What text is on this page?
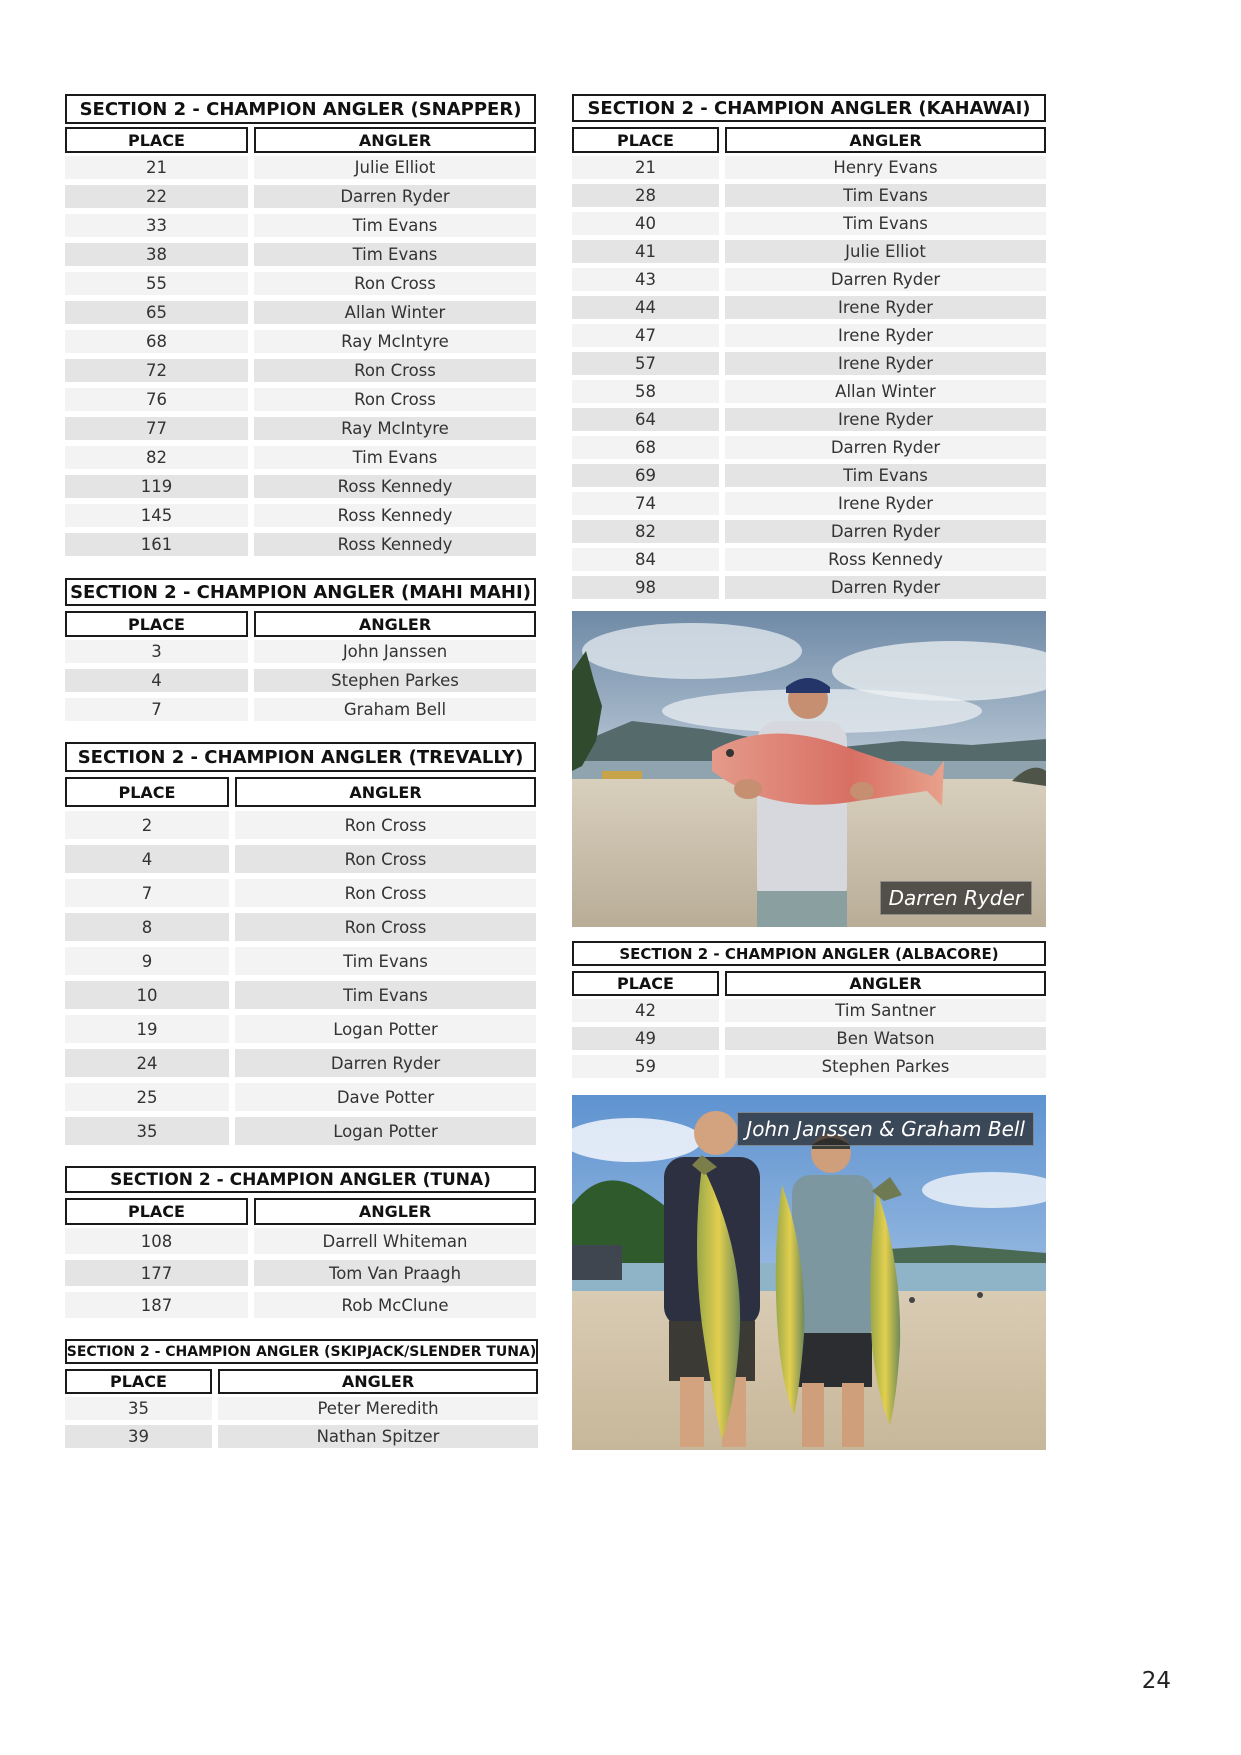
SECTION 2 - CHAMPION ANGLER (SNAPPER)
PLACE	ANGLER
21	Julie Elliot
22	Darren Ryder
33	Tim Evans
38	Tim Evans
55	Ron Cross
65	Allan Winter
68	Ray McIntyre
72	Ron Cross
76	Ron Cross
77	Ray McIntyre
82	Tim Evans
119	Ross Kennedy
145	Ross Kennedy
161	Ross Kennedy
SECTION 2 - CHAMPION ANGLER (MAHI MAHI)
PLACE	ANGLER
3	John Janssen
4	Stephen Parkes
7	Graham Bell
SECTION 2 - CHAMPION ANGLER (TREVALLY)
PLACE	ANGLER
2	Ron Cross
4	Ron Cross
7	Ron Cross
8	Ron Cross
9	Tim Evans
10	Tim Evans
19	Logan Potter
24	Darren Ryder
25	Dave Potter
35	Logan Potter
SECTION 2 - CHAMPION ANGLER (TUNA)
PLACE	ANGLER
108	Darrell Whiteman
177	Tom Van Praagh
187	Rob McClune
SECTION 2 - CHAMPION ANGLER (SKIPJACK/SLENDER TUNA)
PLACE	ANGLER
35	Peter Meredith
39	Nathan Spitzer
SECTION 2 - CHAMPION ANGLER (KAHAWAI)
PLACE	ANGLER
21	Henry Evans
28	Tim Evans
40	Tim Evans
41	Julie Elliot
43	Darren Ryder
44	Irene Ryder
47	Irene Ryder
57	Irene Ryder
58	Allan Winter
64	Irene Ryder
68	Darren Ryder
69	Tim Evans
74	Irene Ryder
82	Darren Ryder
84	Ross Kennedy
98	Darren Ryder
Darren Ryder
SECTION 2 - CHAMPION ANGLER (ALBACORE)
PLACE	ANGLER
42	Tim Santner
49	Ben Watson
59	Stephen Parkes
John Janssen & Graham Bell
24
